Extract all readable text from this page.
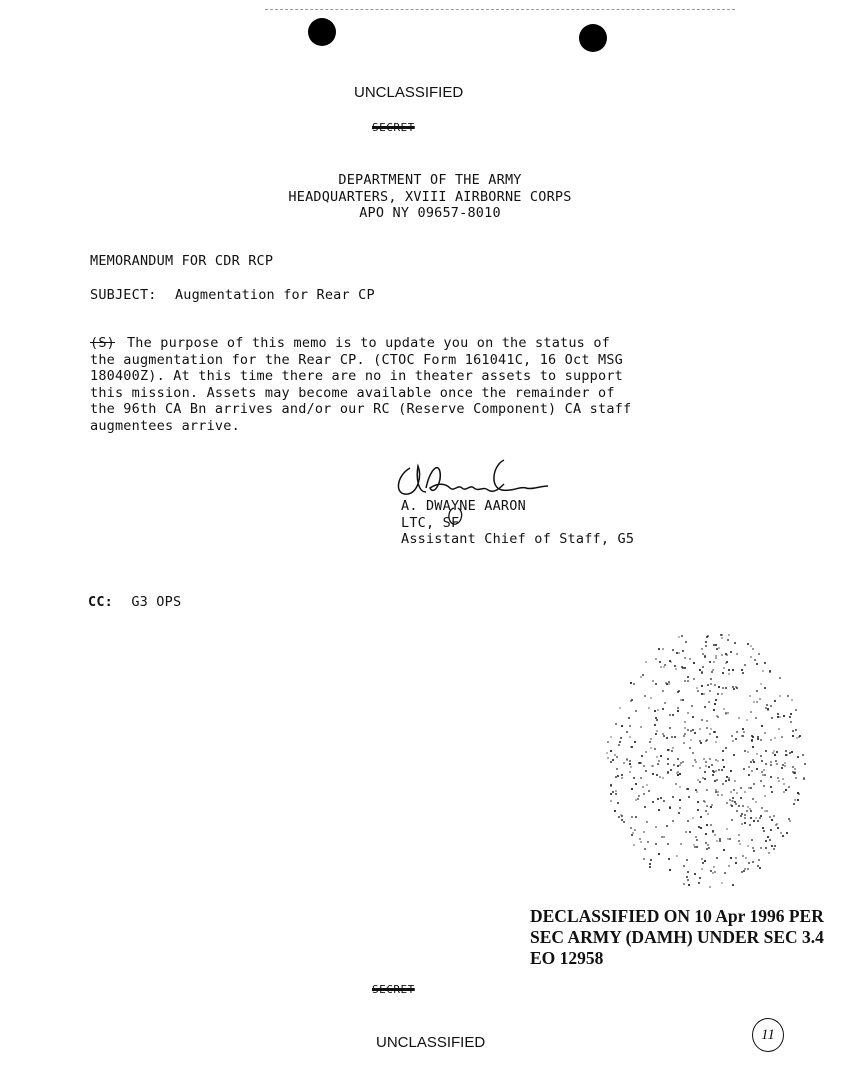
UNCLASSIFIED
SECRET
DEPARTMENT OF THE ARMY
HEADQUARTERS, XVIII AIRBORNE CORPS
APO NY 09657-8010
MEMORANDUM FOR CDR RCP
SUBJECT: Augmentation for Rear CP
(S) The purpose of this memo is to update you on the status of
the augmentation for the Rear CP. (CTOC Form 161041C, 16 Oct MSG
180400Z). At this time there are no in theater assets to support
this mission. Assets may become available once the remainder of
the 96th CA Bn arrives and/or our RC (Reserve Component) CA staff
augmentees arrive.
A. DWAYNE AARON
LTC, SF
Assistant Chief of Staff, G5
CC: G3 OPS
DECLASSIFIED ON 10 Apr 1996 PER
SEC ARMY (DAMH) UNDER SEC 3.4
EO 12958
SECRET
UNCLASSIFIED	11
